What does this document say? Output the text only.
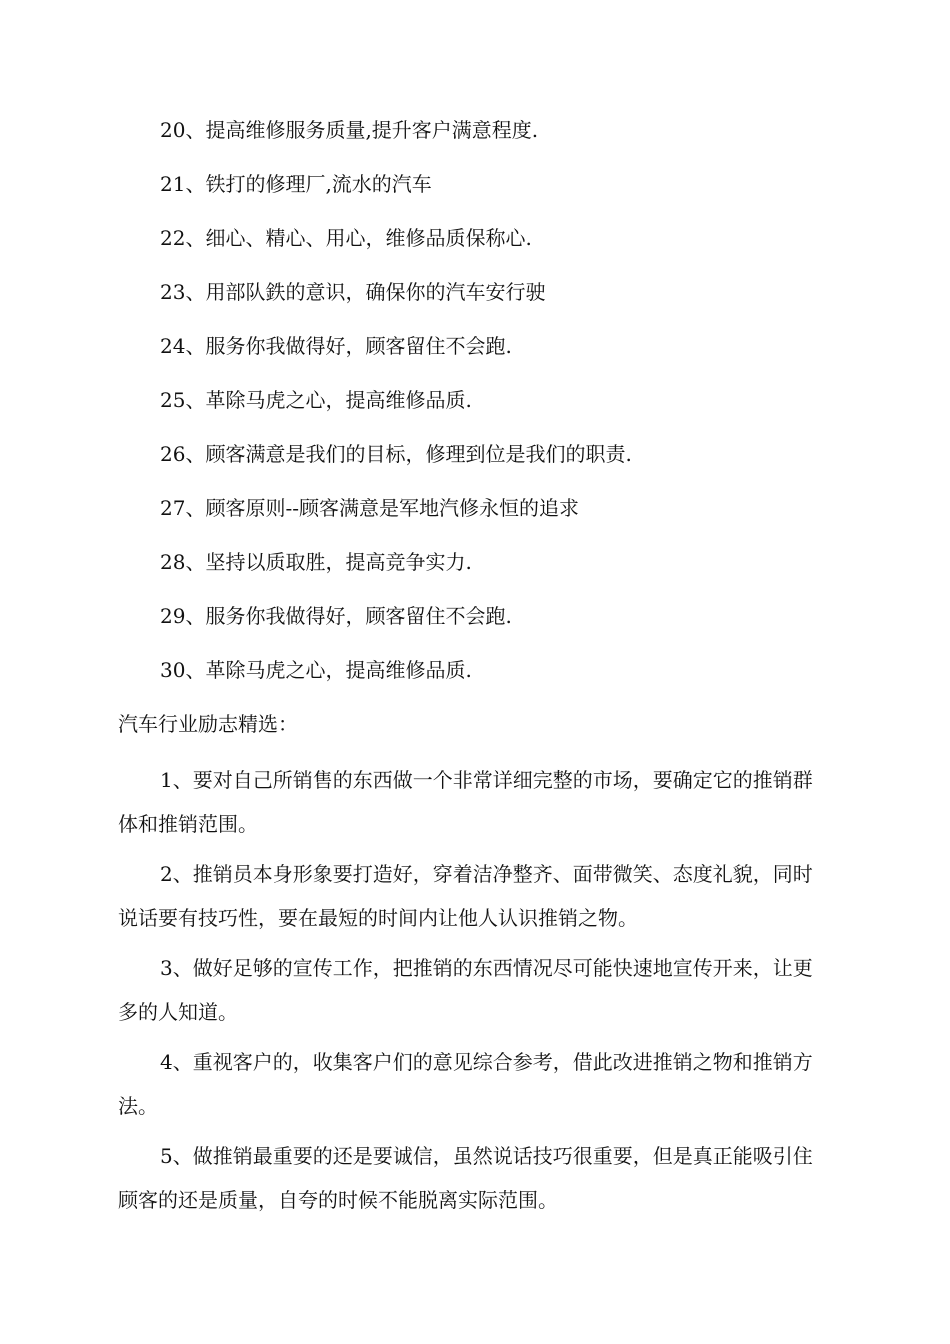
20、提高维修服务质量,提升客户满意程度.
21、铁打的修理厂,流水的汽车
22、细心、精心、用心，维修品质保称心.
23、用部队鉄的意识，确保你的汽车安行驶
24、服务你我做得好，顾客留住不会跑.
25、革除马虎之心，提高维修品质.
26、顾客满意是我们的目标，修理到位是我们的职责.
27、顾客原则--顾客满意是军地汽修永恒的追求
28、坚持以质取胜，提高竞争实力.
29、服务你我做得好，顾客留住不会跑.
30、革除马虎之心，提高维修品质.
汽车行业励志精选：

1、要对自己所销售的东西做一个非常详细完整的市场，要确定它的推销群体和推销范围。

2、推销员本身形象要打造好，穿着洁净整齐、面带微笑、态度礼貌，同时说话要有技巧性，要在最短的时间内让他人认识推销之物。

3、做好足够的宣传工作，把推销的东西情况尽可能快速地宣传开来，让更多的人知道。

4、重视客户的，收集客户们的意见综合参考，借此改进推销之物和推销方法。

5、做推销最重要的还是要诚信，虽然说话技巧很重要，但是真正能吸引住顾客的还是质量，自夸的时候不能脱离实际范围。
